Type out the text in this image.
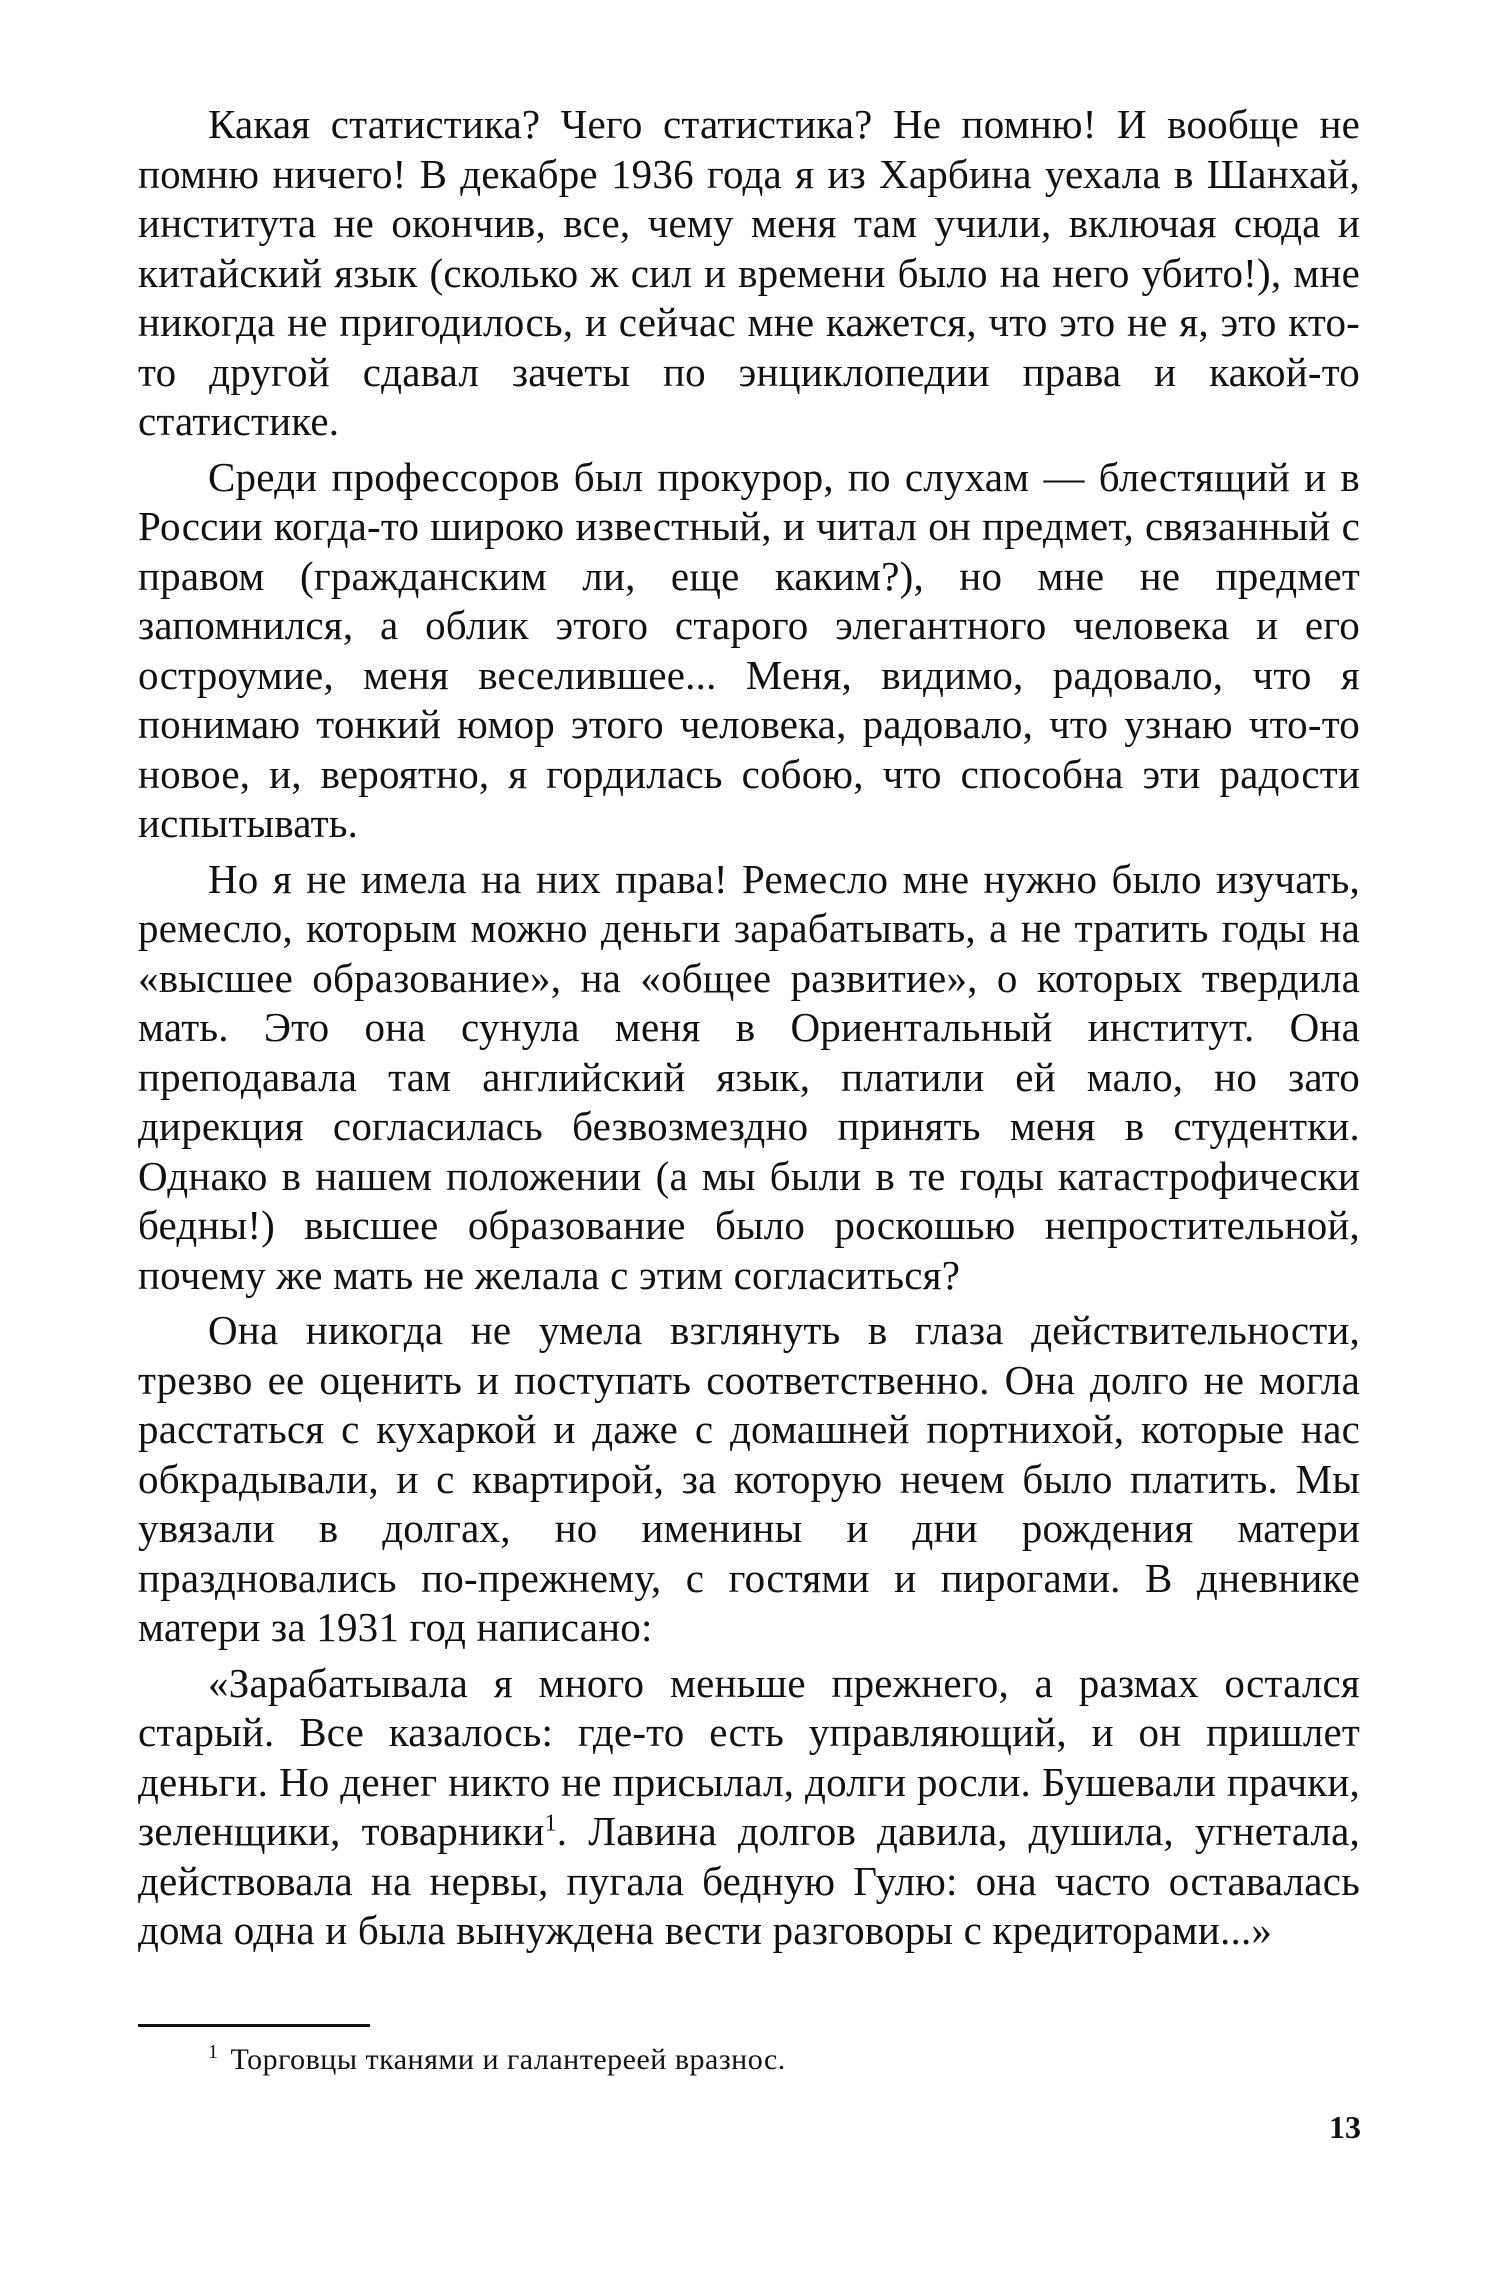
Какая статистика? Чего статистика? Не помню! И вообще не помню ничего! В декабре 1936 года я из Харбина уехала в Шанхай, института не окончив, все, чему меня там учили, включая сюда и китайский язык (сколько ж сил и времени было на него убито!), мне никогда не пригодилось, и сейчас мне кажется, что это не я, это кто-то другой сдавал зачеты по энциклопедии права и какой-то статистике.

Среди профессоров был прокурор, по слухам — блестящий и в России когда-то широко известный, и читал он предмет, связанный с правом (гражданским ли, еще каким?), но мне не предмет запомнился, а облик этого старого элегантного человека и его остроумие, меня веселившее... Меня, видимо, радовало, что я понимаю тонкий юмор этого человека, радовало, что узнаю что-то новое, и, вероятно, я гордилась собою, что способна эти радости испытывать.

Но я не имела на них права! Ремесло мне нужно было изучать, ремесло, которым можно деньги зарабатывать, а не тратить годы на «высшее образование», на «общее развитие», о которых твердила мать. Это она сунула меня в Ориентальный институт. Она преподавала там английский язык, платили ей мало, но зато дирекция согласилась безвозмездно принять меня в студентки. Однако в нашем положении (а мы были в те годы катастрофически бедны!) высшее образование было роскошью непростительной, почему же мать не желала с этим согласиться?

Она никогда не умела взглянуть в глаза действительности, трезво ее оценить и поступать соответственно. Она долго не могла расстаться с кухаркой и даже с домашней портнихой, которые нас обкрадывали, и с квартирой, за которую нечем было платить. Мы увязали в долгах, но именины и дни рождения матери праздновались по-прежнему, с гостями и пирогами. В дневнике матери за 1931 год написано:

«Зарабатывала я много меньше прежнего, а размах остался старый. Все казалось: где-то есть управляющий, и он пришлет деньги. Но денег никто не присылал, долги росли. Бушевали прачки, зеленщики, товарники$^1$. Лавина долгов давила, душила, угнетала, действовала на нервы, пугала бедную Гулю: она часто оставалась дома одна и была вынуждена вести разговоры с кредиторами...»

$^1$ Торговцы тканями и галантереей вразнос.
13
